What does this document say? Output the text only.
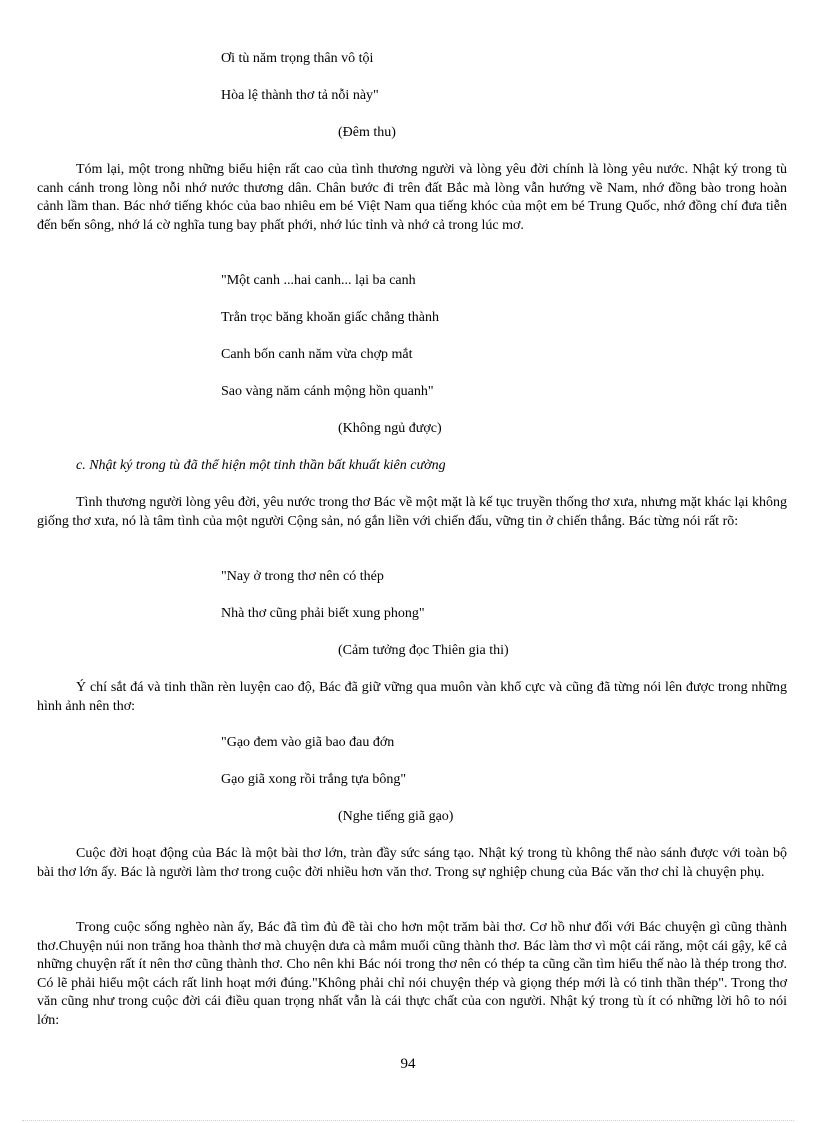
Ơi tù năm trọng thân vô tội
Hòa lệ thành thơ tả nỗi này"
(Đêm thu)

Tóm lại, một trong những biểu hiện rất cao của tình thương người và lòng yêu đời chính là lòng yêu nước. Nhật ký trong tù canh cánh trong lòng nỗi nhớ nước thương dân. Chân bước đi trên đất Bắc mà lòng vẫn hướng về Nam, nhớ đồng bào trong hoàn cảnh lầm than. Bác nhớ tiếng khóc của bao nhiêu em bé Việt Nam qua tiếng khóc của một em bé Trung Quốc, nhớ đồng chí đưa tiễn đến bến sông, nhớ lá cờ nghĩa tung bay phất phới, nhớ lúc tỉnh và nhớ cả trong lúc mơ.

"Một canh ...hai canh... lại ba canh
Trằn trọc băng khoăn giấc chẳng thành
Canh bốn canh năm vừa chợp mắt
Sao vàng năm cánh mộng hồn quanh"
(Không ngủ được)
c. Nhật ký trong tù đã thể hiện một tinh thần bất khuất kiên cường

Tình thương người lòng yêu đời, yêu nước trong thơ Bác về một mặt là kế tục truyền thống thơ xưa, nhưng mặt khác lại không giống thơ xưa, nó là tâm tình của một người Cộng sản, nó gắn liền với chiến đấu, vững tin ở chiến thắng. Bác từng nói rất rõ:

"Nay ở trong thơ nên có thép
Nhà thơ cũng phải biết xung phong"
(Cảm tưởng đọc Thiên gia thi)

Ý chí sắt đá và tinh thần rèn luyện cao độ, Bác đã giữ vững qua muôn vàn khổ cực và cũng đã từng nói lên được trong những hình ảnh nên thơ:

"Gạo đem vào giã bao đau đớn
Gạo giã xong rồi trắng tựa bông"
(Nghe tiếng giã gạo)

Cuộc đời hoạt động của Bác là một bài thơ lớn, tràn đầy sức sáng tạo. Nhật ký trong tù không thể nào sánh được với toàn bộ bài thơ lớn ấy. Bác là người làm thơ trong cuộc đời nhiều hơn văn thơ. Trong sự nghiệp chung của Bác văn thơ chỉ là chuyện phụ.

Trong cuộc sống nghèo nàn ấy, Bác đã tìm đủ đề tài cho hơn một trăm bài thơ. Cơ hồ như đối với Bác chuyện gì cũng thành thơ.Chuyện núi non trăng hoa thành thơ mà chuyện dưa cà mắm muối cũng thành thơ. Bác làm thơ vì một cái răng, một cái gậy, kể cả những chuyện rất ít nên thơ cũng thành thơ. Cho nên khi Bác nói trong thơ nên có thép ta cũng cần tìm hiểu thế nào là thép trong thơ. Có lẽ phải hiểu một cách rất linh hoạt mới đúng."Không phải chỉ nói chuyện thép và giọng thép mới là có tinh thần thép". Trong thơ văn cũng như trong cuộc đời cái điều quan trọng nhất vẫn là cái thực chất của con người. Nhật ký trong tù ít có những lời hô to nói lớn:

94
